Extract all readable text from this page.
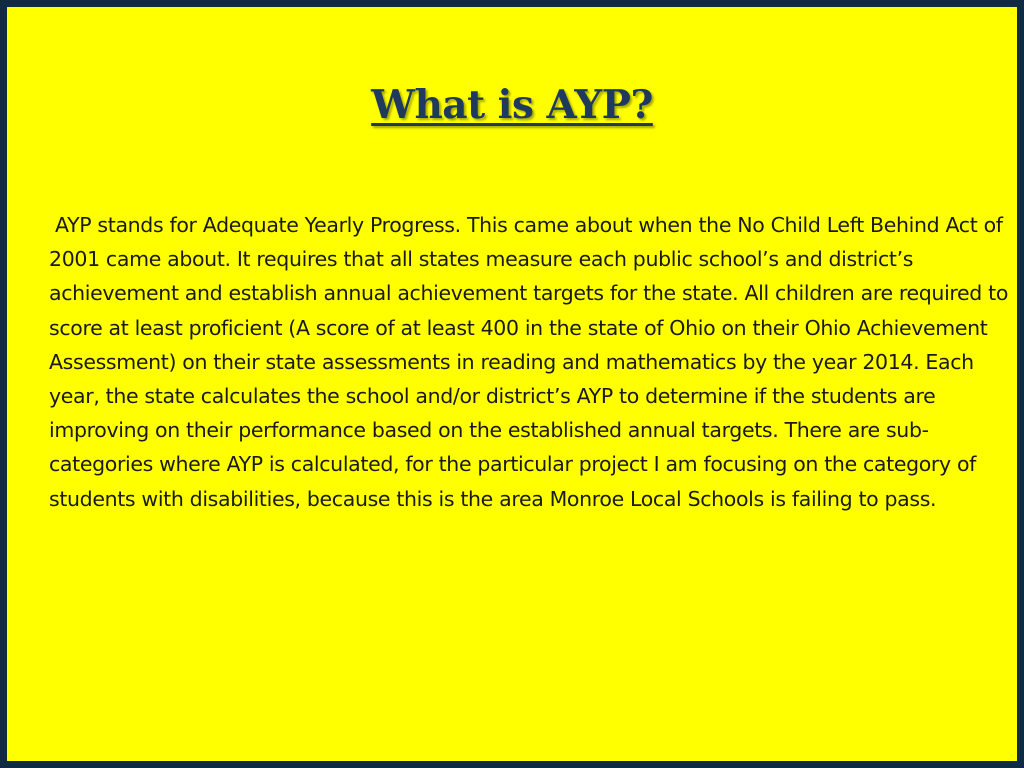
What is AYP?

AYP stands for Adequate Yearly Progress. This came about when the No Child Left Behind Act of 2001 came about. It requires that all states measure each public school’s and district’s achievement and establish annual achievement targets for the state. All children are required to score at least proficient (A score of at least 400 in the state of Ohio on their Ohio Achievement Assessment) on their state assessments in reading and mathematics by the year 2014. Each year, the state calculates the school and/or district’s AYP to determine if the students are improving on their performance based on the established annual targets. There are sub-categories where AYP is calculated, for the particular project I am focusing on the category of students with disabilities, because this is the area Monroe Local Schools is failing to pass.
